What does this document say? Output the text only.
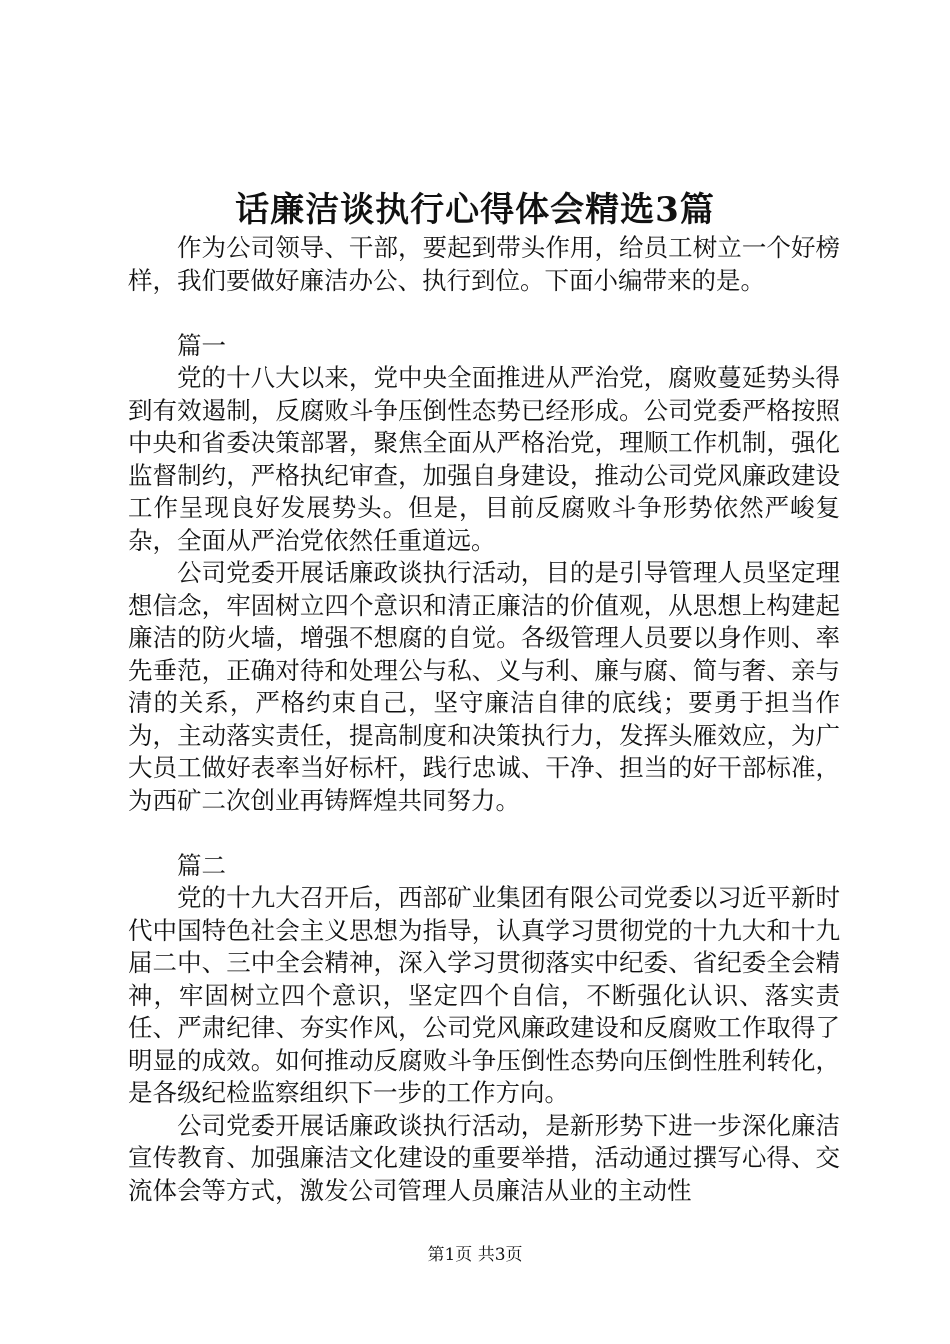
话廉洁谈执行心得体会精选3篇

作为公司领导、干部，要起到带头作用，给员工树立一个好榜样，我们要做好廉洁办公、执行到位。下面小编带来的是。

篇一

党的十八大以来，党中央全面推进从严治党，腐败蔓延势头得到有效遏制，反腐败斗争压倒性态势已经形成。公司党委严格按照中央和省委决策部署，聚焦全面从严格治党，理顺工作机制，强化监督制约，严格执纪审查，加强自身建设，推动公司党风廉政建设工作呈现良好发展势头。但是，目前反腐败斗争形势依然严峻复杂，全面从严治党依然任重道远。

公司党委开展话廉政谈执行活动，目的是引导管理人员坚定理想信念，牢固树立四个意识和清正廉洁的价值观，从思想上构建起廉洁的防火墙，增强不想腐的自觉。各级管理人员要以身作则、率先垂范，正确对待和处理公与私、义与利、廉与腐、简与奢、亲与清的关系，严格约束自己，坚守廉洁自律的底线；要勇于担当作为，主动落实责任，提高制度和决策执行力，发挥头雁效应，为广大员工做好表率当好标杆，践行忠诚、干净、担当的好干部标准，为西矿二次创业再铸辉煌共同努力。

篇二

党的十九大召开后，西部矿业集团有限公司党委以习近平新时代中国特色社会主义思想为指导，认真学习贯彻党的十九大和十九届二中、三中全会精神，深入学习贯彻落实中纪委、省纪委全会精神，牢固树立四个意识，坚定四个自信，不断强化认识、落实责任、严肃纪律、夯实作风，公司党风廉政建设和反腐败工作取得了明显的成效。如何推动反腐败斗争压倒性态势向压倒性胜利转化，是各级纪检监察组织下一步的工作方向。

公司党委开展话廉政谈执行活动，是新形势下进一步深化廉洁宣传教育、加强廉洁文化建设的重要举措，活动通过撰写心得、交流体会等方式，激发公司管理人员廉洁从业的主动性

第1页 共3页
